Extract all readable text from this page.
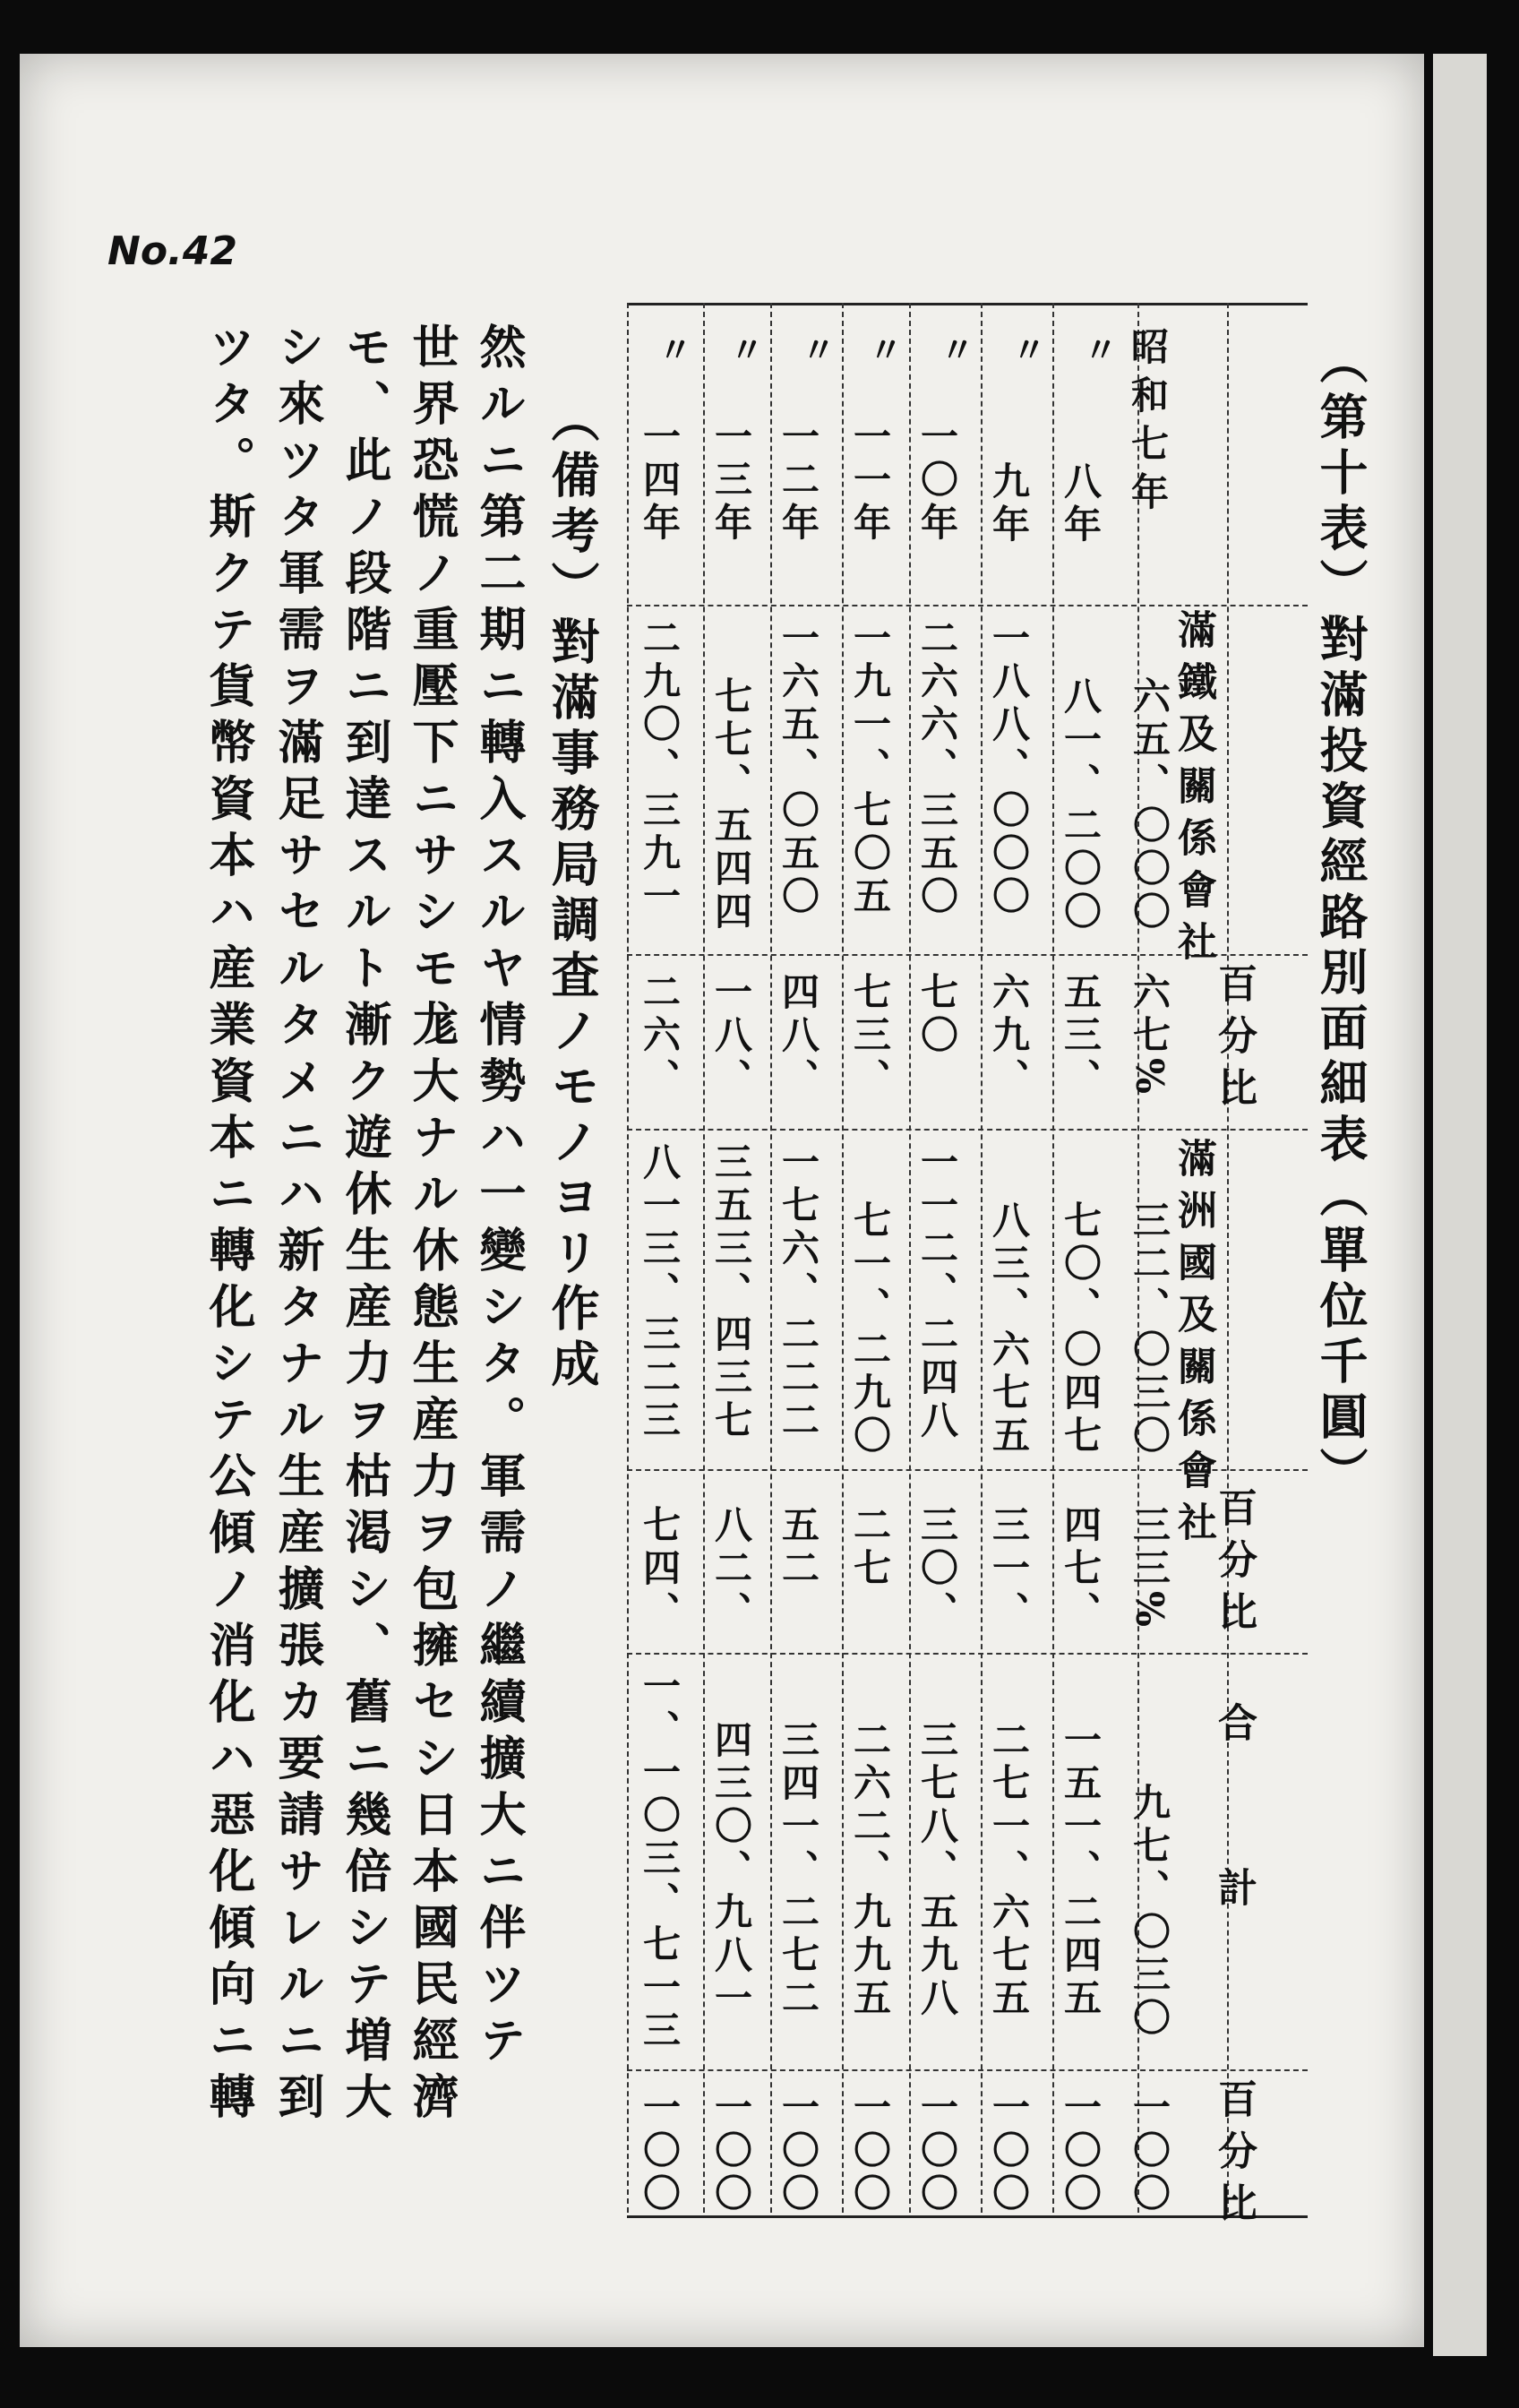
No.42
（第十表）對滿投資經路別面細表（單位千圓）
滿鐵及關係會社
百分比
滿洲國及關係會社
百分比
合計
百分比
昭和七年
八年
九年
一〇年
一一年
一二年
一三年
一四年
〃
〃
〃
〃
〃
〃
〃
六五、〇〇〇
八一、二〇〇
一八八、〇〇〇
二六六、三五〇
一九一、七〇五
一六五、〇五〇
七七、五四四
二九〇、三九一
六七%
五三、
六九、
七〇
七三、
四八、
一八、
二六、
三二、〇三〇
七〇、〇四七
八三、六七五
一一二、二四八
七一、二九〇
一七六、二二二
三五三、四三七
八一三、三二三
三三%
四七、
三一、
三〇、
二七
五二
八二、
七四、
九七、〇三〇
一五一、二四五
二七一、六七五
三七八、五九八
二六二、九九五
三四一、二七二
四三〇、九八一
一、一〇三、七一三
一〇〇
一〇〇
一〇〇
一〇〇
一〇〇
一〇〇
一〇〇
一〇〇
（備考）對滿事務局調査ノモノヨリ作成
然ルニ第二期ニ轉入スルヤ情勢ハ一變シタ。軍需ノ繼續擴大ニ伴ツテ
世界恐慌ノ重壓下ニサシモ尨大ナル休態生産力ヲ包擁セシ日本國民經濟
モ、此ノ段階ニ到達スルト漸ク遊休生産力ヲ枯渇シ、舊ニ幾倍シテ増大
シ來ツタ軍需ヲ滿足サセルタメニハ新タナル生産擴張カ要請サレルニ到
ツタ。斯クテ貨幣資本ハ産業資本ニ轉化シテ公傾ノ消化ハ惡化傾向ニ轉
